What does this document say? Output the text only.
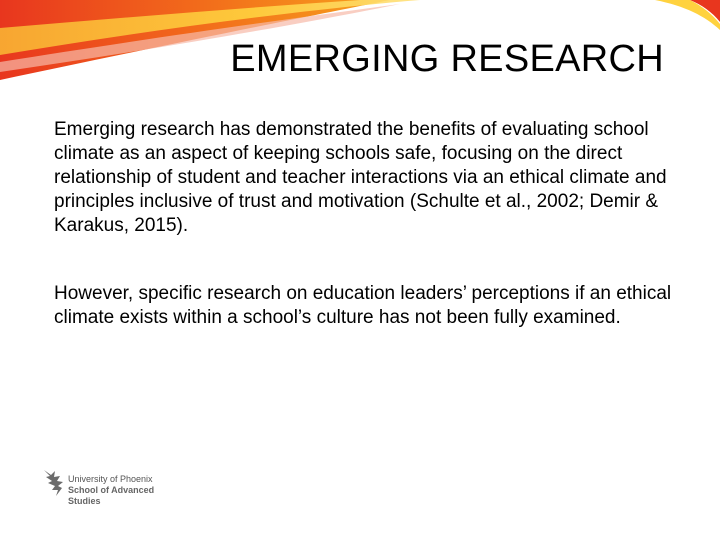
EMERGING RESEARCH

Emerging research has demonstrated the benefits of evaluating school climate as an aspect of keeping schools safe, focusing on the direct relationship of student and teacher interactions via an ethical climate and principles inclusive of trust and motivation (Schulte et al., 2002; Demir & Karakus, 2015).

However, specific research on education leaders’ perceptions if an ethical climate exists within a school’s culture has not been fully examined.

University of Phoenix
School of Advanced
Studies
